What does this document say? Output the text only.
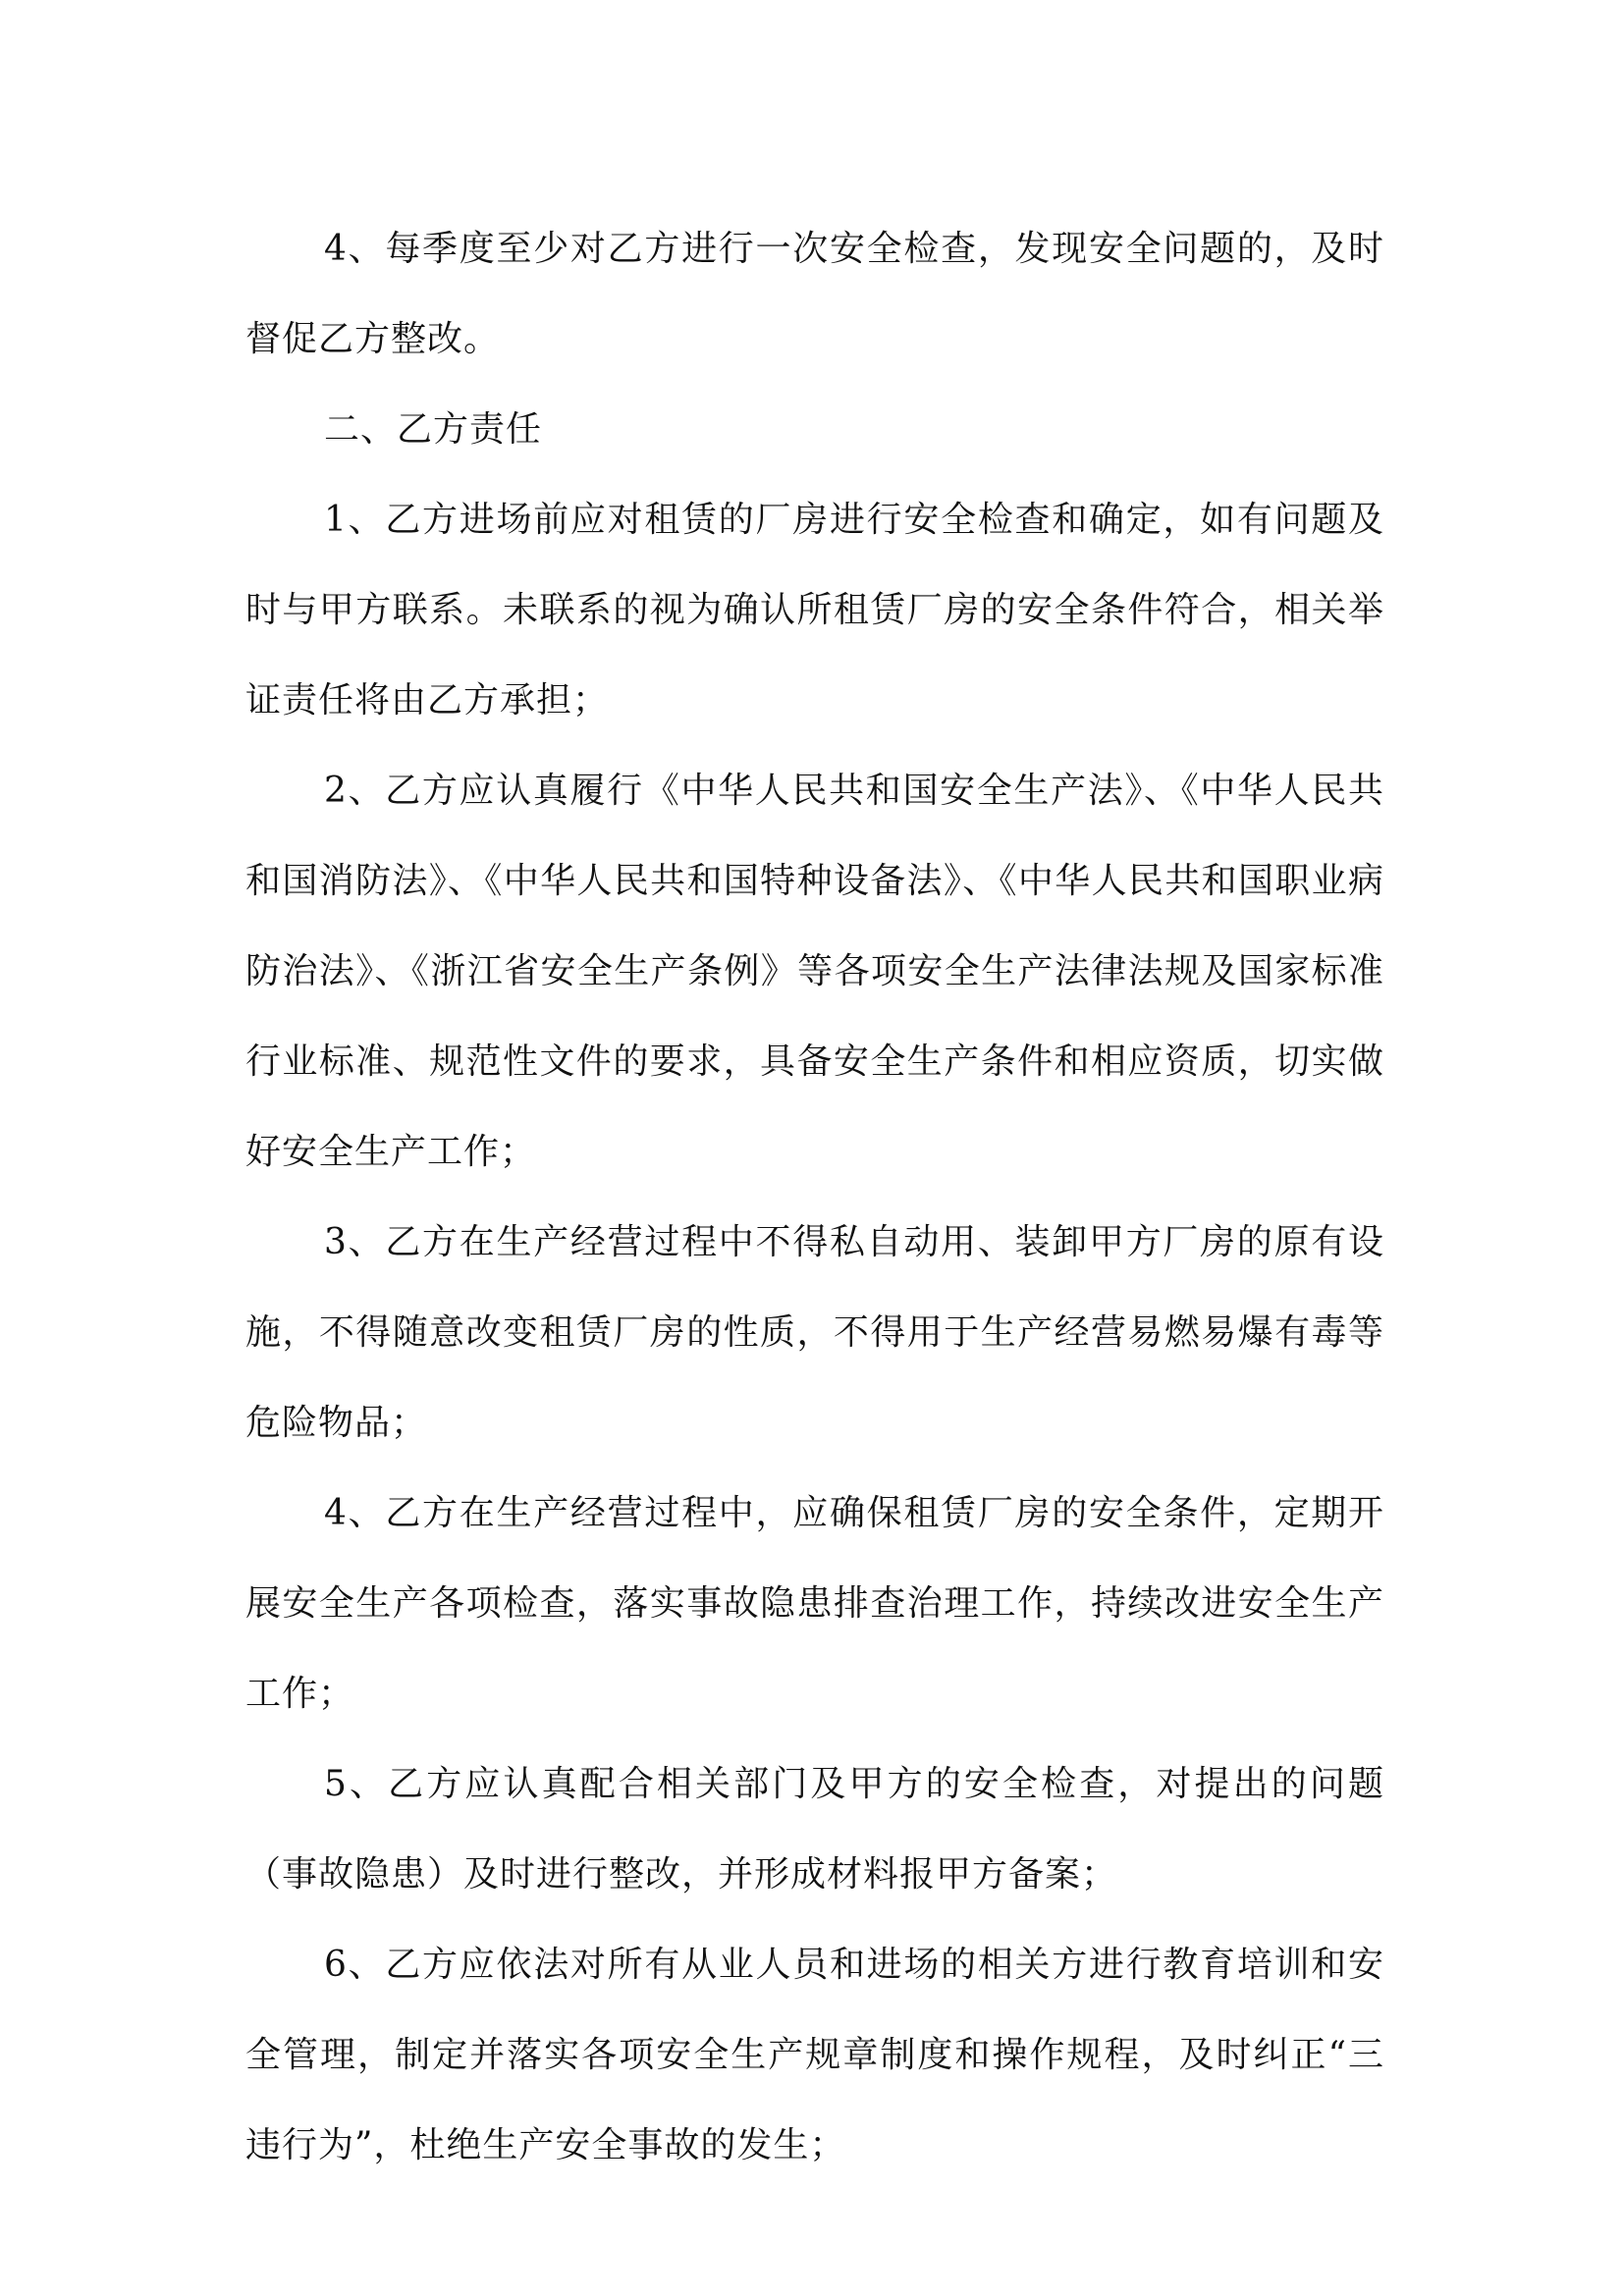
4、每季度至少对乙方进行一次安全检查，发现安全问题的，及时督促乙方整改。

二、乙方责任

1、乙方进场前应对租赁的厂房进行安全检查和确定，如有问题及时与甲方联系。未联系的视为确认所租赁厂房的安全条件符合，相关举证责任将由乙方承担；

2、乙方应认真履行《中华人民共和国安全生产法》、《中华人民共和国消防法》、《中华人民共和国特种设备法》、《中华人民共和国职业病防治法》、《浙江省安全生产条例》等各项安全生产法律法规及国家标准行业标准、规范性文件的要求，具备安全生产条件和相应资质，切实做好安全生产工作；

3、乙方在生产经营过程中不得私自动用、装卸甲方厂房的原有设施，不得随意改变租赁厂房的性质，不得用于生产经营易燃易爆有毒等危险物品；

4、乙方在生产经营过程中，应确保租赁厂房的安全条件，定期开展安全生产各项检查，落实事故隐患排查治理工作，持续改进安全生产工作；

5、乙方应认真配合相关部门及甲方的安全检查，对提出的问题（事故隐患）及时进行整改，并形成材料报甲方备案；

6、乙方应依法对所有从业人员和进场的相关方进行教育培训和安全管理，制定并落实各项安全生产规章制度和操作规程，及时纠正“三违行为”，杜绝生产安全事故的发生；
